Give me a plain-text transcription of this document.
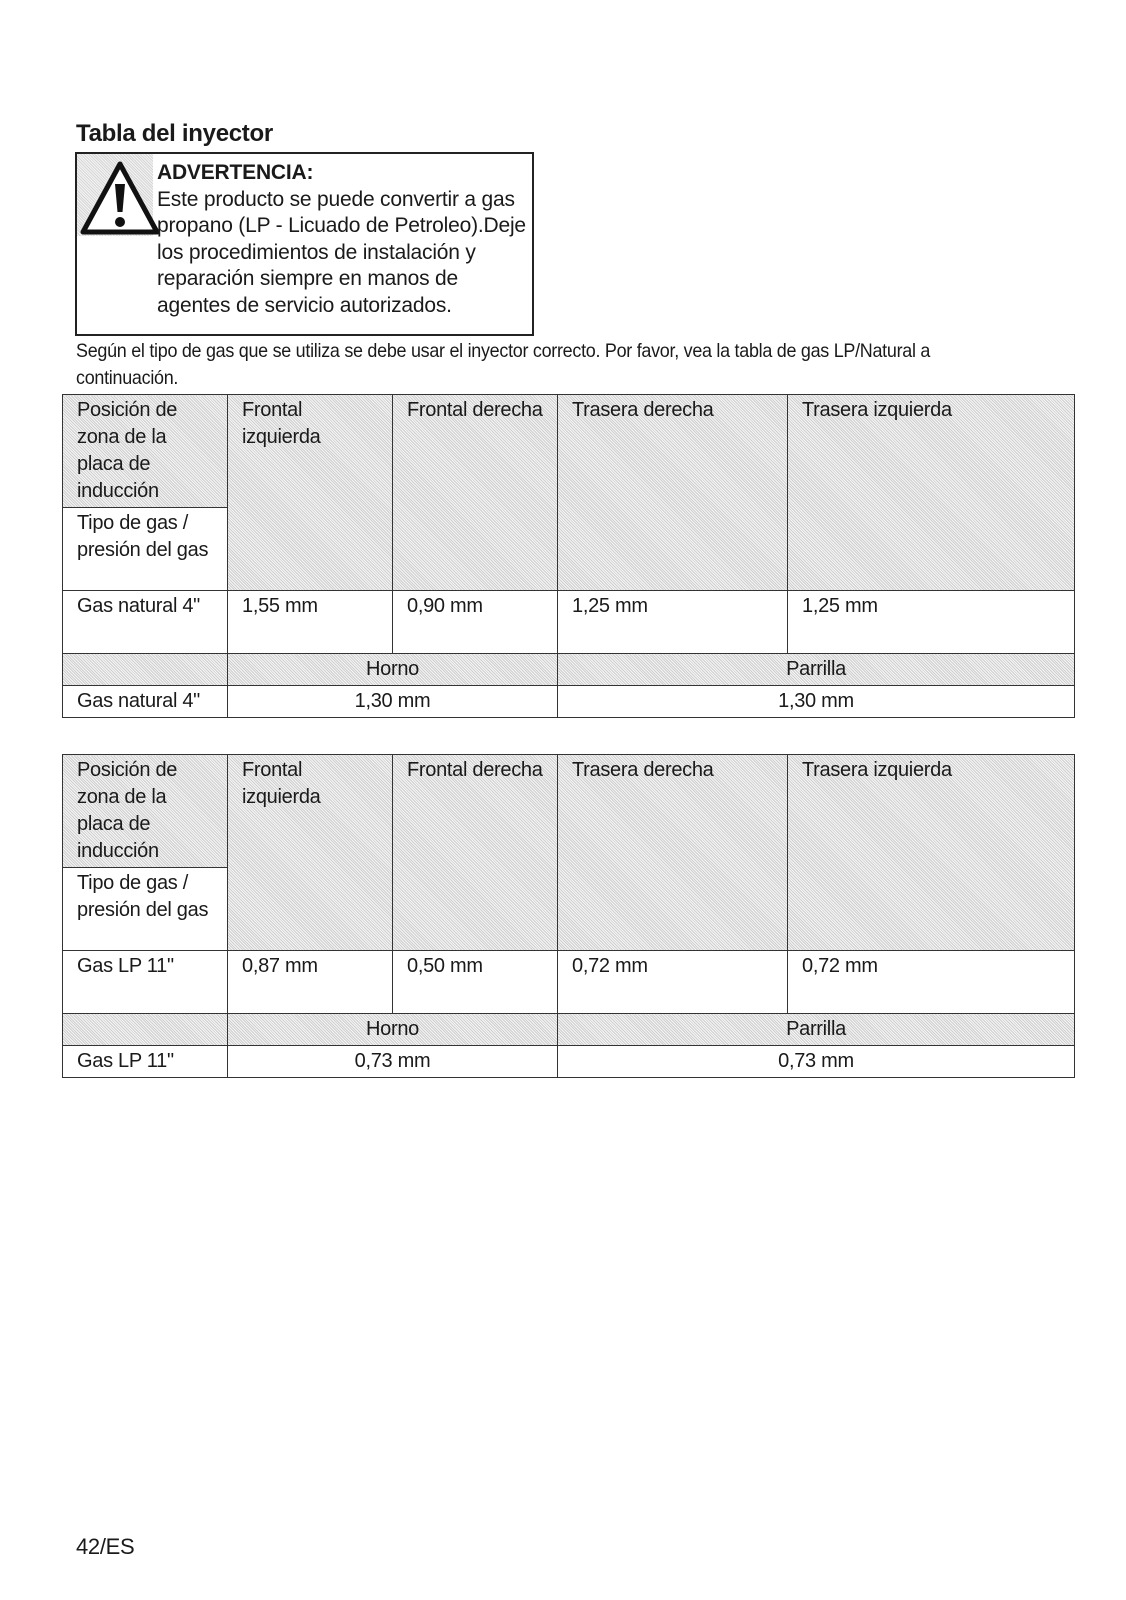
Tabla del inyector
ADVERTENCIA:
Este producto se puede convertir a gas propano (LP - Licuado de Petroleo).Deje los procedimientos de instalación y reparación siempre en manos de agentes de servicio autorizados.
Según el tipo de gas que se utiliza se debe usar el inyector correcto. Por favor, vea la tabla de gas LP/Natural a continuación.
Posición de zona de la placa de inducción	Frontal izquierda	Frontal derecha	Trasera derecha	Trasera izquierda
Tipo de gas / presión del gas				
Gas natural 4"	1,55 mm	0,90 mm	1,25 mm	1,25 mm
	Horno		Parrilla	
Gas natural 4"	1,30 mm		1,30 mm	
Posición de zona de la placa de inducción	Frontal izquierda	Frontal derecha	Trasera derecha	Trasera izquierda
Tipo de gas / presión del gas				
Gas LP 11"	0,87 mm	0,50 mm	0,72 mm	0,72 mm
	Horno		Parrilla	
Gas LP 11"	0,73 mm		0,73 mm	
42/ES
